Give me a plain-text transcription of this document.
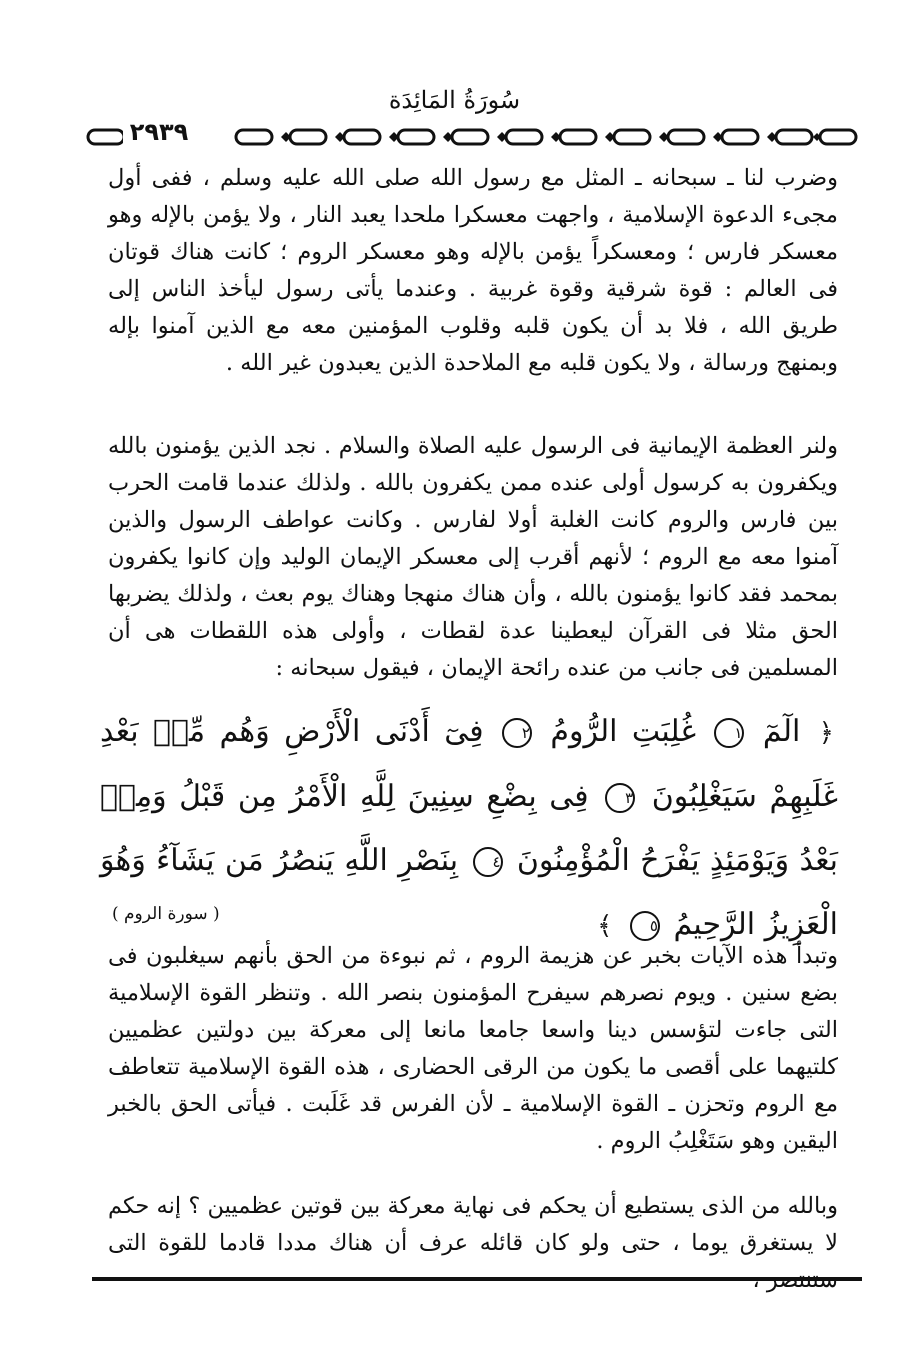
سُورَةُ المَائِدَة
٢٩٣٩

وضرب لنا ـ سبحانه ـ المثل مع رسول الله صلى الله عليه وسلم ، ففى أول مجىء الدعوة الإسلامية ، واجهت معسكرا ملحدا يعبد النار ، ولا يؤمن بالإله وهو معسكر فارس ؛ ومعسكراً يؤمن بالإله وهو معسكر الروم ؛ كانت هناك قوتان فى العالم : قوة شرقية وقوة غربية . وعندما يأتى رسول ليأخذ الناس إلى طريق الله ، فلا بد أن يكون قلبه وقلوب المؤمنين معه مع الذين آمنوا بإله وبمنهج ورسالة ، ولا يكون قلبه مع الملاحدة الذين يعبدون غير الله .

ولنر العظمة الإيمانية فى الرسول عليه الصلاة والسلام . نجد الذين يؤمنون بالله ويكفرون به كرسول أولى عنده ممن يكفرون بالله . ولذلك عندما قامت الحرب بين فارس والروم كانت الغلبة أولا لفارس . وكانت عواطف الرسول والذين آمنوا معه مع الروم ؛ لأنهم أقرب إلى معسكر الإيمان الوليد وإن كانوا يكفرون بمحمد فقد كانوا يؤمنون بالله ، وأن هناك منهجا وهناك يوم بعث ، ولذلك يضربها الحق مثلا فى القرآن ليعطينا عدة لقطات ، وأولى هذه اللقطات هى أن المسلمين فى جانب من عنده رائحة الإيمان ، فيقول سبحانه :

﴿ الٓمٓ ١ غُلِبَتِ الرُّومُ ٢ فِىٓ أَدْنَى الْأَرْضِ وَهُم مِّنۢ بَعْدِ غَلَبِهِمْ سَيَغْلِبُونَ ٣ فِى بِضْعِ سِنِينَ لِلَّهِ الْأَمْرُ مِن قَبْلُ وَمِنۢ بَعْدُ وَيَوْمَئِذٍ يَفْرَحُ الْمُؤْمِنُونَ ٤ بِنَصْرِ اللَّهِ يَنصُرُ مَن يَشَآءُ وَهُوَ الْعَزِيزُ الرَّحِيمُ ٥ ﴾
( سورة الروم )

وتبدأ هذه الآيات بخبر عن هزيمة الروم ، ثم نبوءة من الحق بأنهم سيغلبون فى بضع سنين . ويوم نصرهم سيفرح المؤمنون بنصر الله . وتنظر القوة الإسلامية التى جاءت لتؤسس دينا واسعا جامعا مانعا إلى معركة بين دولتين عظميين كلتيهما على أقصى ما يكون من الرقى الحضارى ، هذه القوة الإسلامية تتعاطف مع الروم وتحزن ـ القوة الإسلامية ـ لأن الفرس قد غَلَبت . فيأتى الحق بالخبر اليقين وهو سَتَغْلِبُ الروم .

وبالله من الذى يستطيع أن يحكم فى نهاية معركة بين قوتين عظميين ؟ إنه حكم لا يستغرق يوما ، حتى ولو كان قائله عرف أن هناك مددا قادما للقوة التى
